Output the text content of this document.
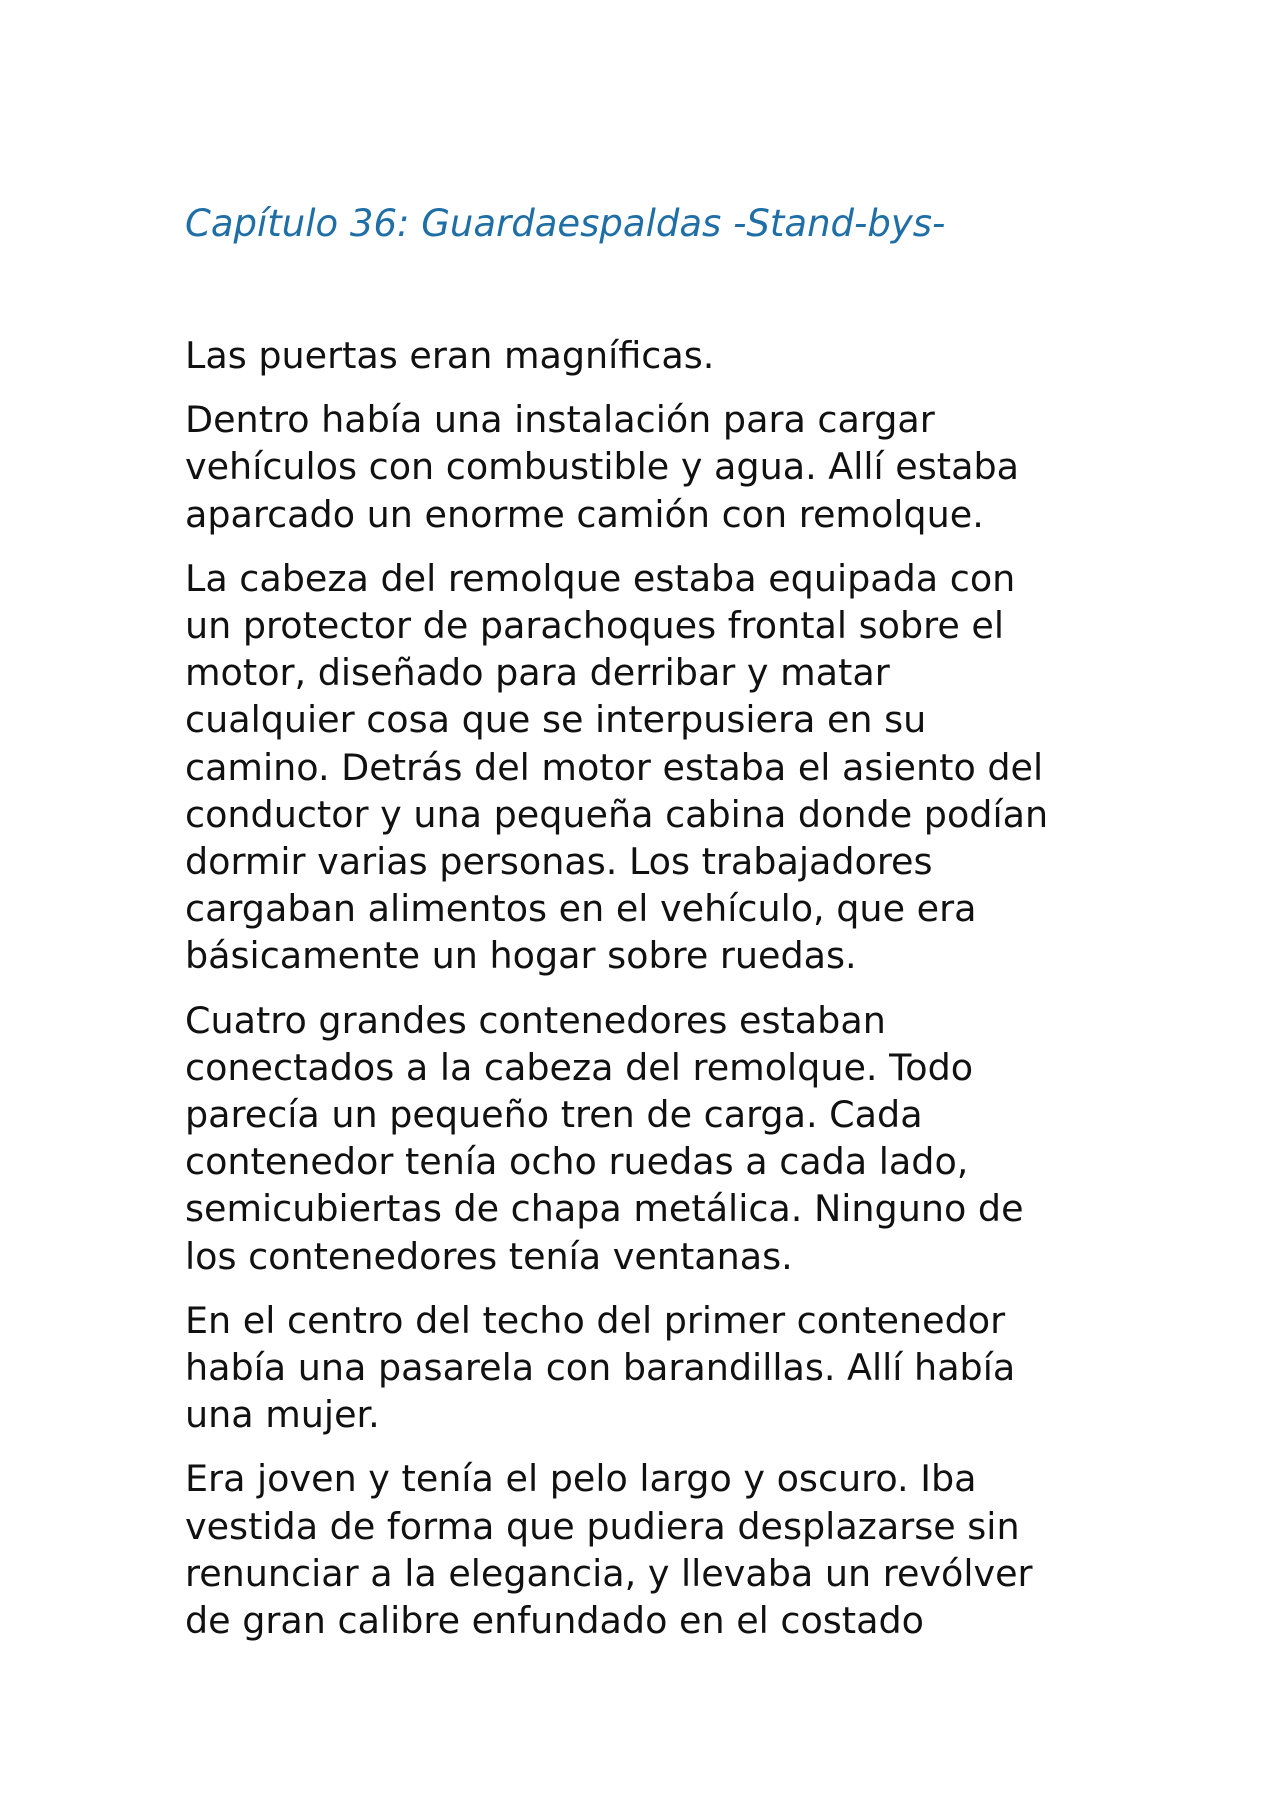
Capítulo 36: Guardaespaldas -Stand-bys-

Las puertas eran magníficas.

Dentro había una instalación para cargar
vehículos con combustible y agua. Allí estaba
aparcado un enorme camión con remolque.

La cabeza del remolque estaba equipada con
un protector de parachoques frontal sobre el
motor, diseñado para derribar y matar
cualquier cosa que se interpusiera en su
camino. Detrás del motor estaba el asiento del
conductor y una pequeña cabina donde podían
dormir varias personas. Los trabajadores
cargaban alimentos en el vehículo, que era
básicamente un hogar sobre ruedas.

Cuatro grandes contenedores estaban
conectados a la cabeza del remolque. Todo
parecía un pequeño tren de carga. Cada
contenedor tenía ocho ruedas a cada lado,
semicubiertas de chapa metálica. Ninguno de
los contenedores tenía ventanas.

En el centro del techo del primer contenedor
había una pasarela con barandillas. Allí había
una mujer.

Era joven y tenía el pelo largo y oscuro. Iba
vestida de forma que pudiera desplazarse sin
renunciar a la elegancia, y llevaba un revólver
de gran calibre enfundado en el costado
